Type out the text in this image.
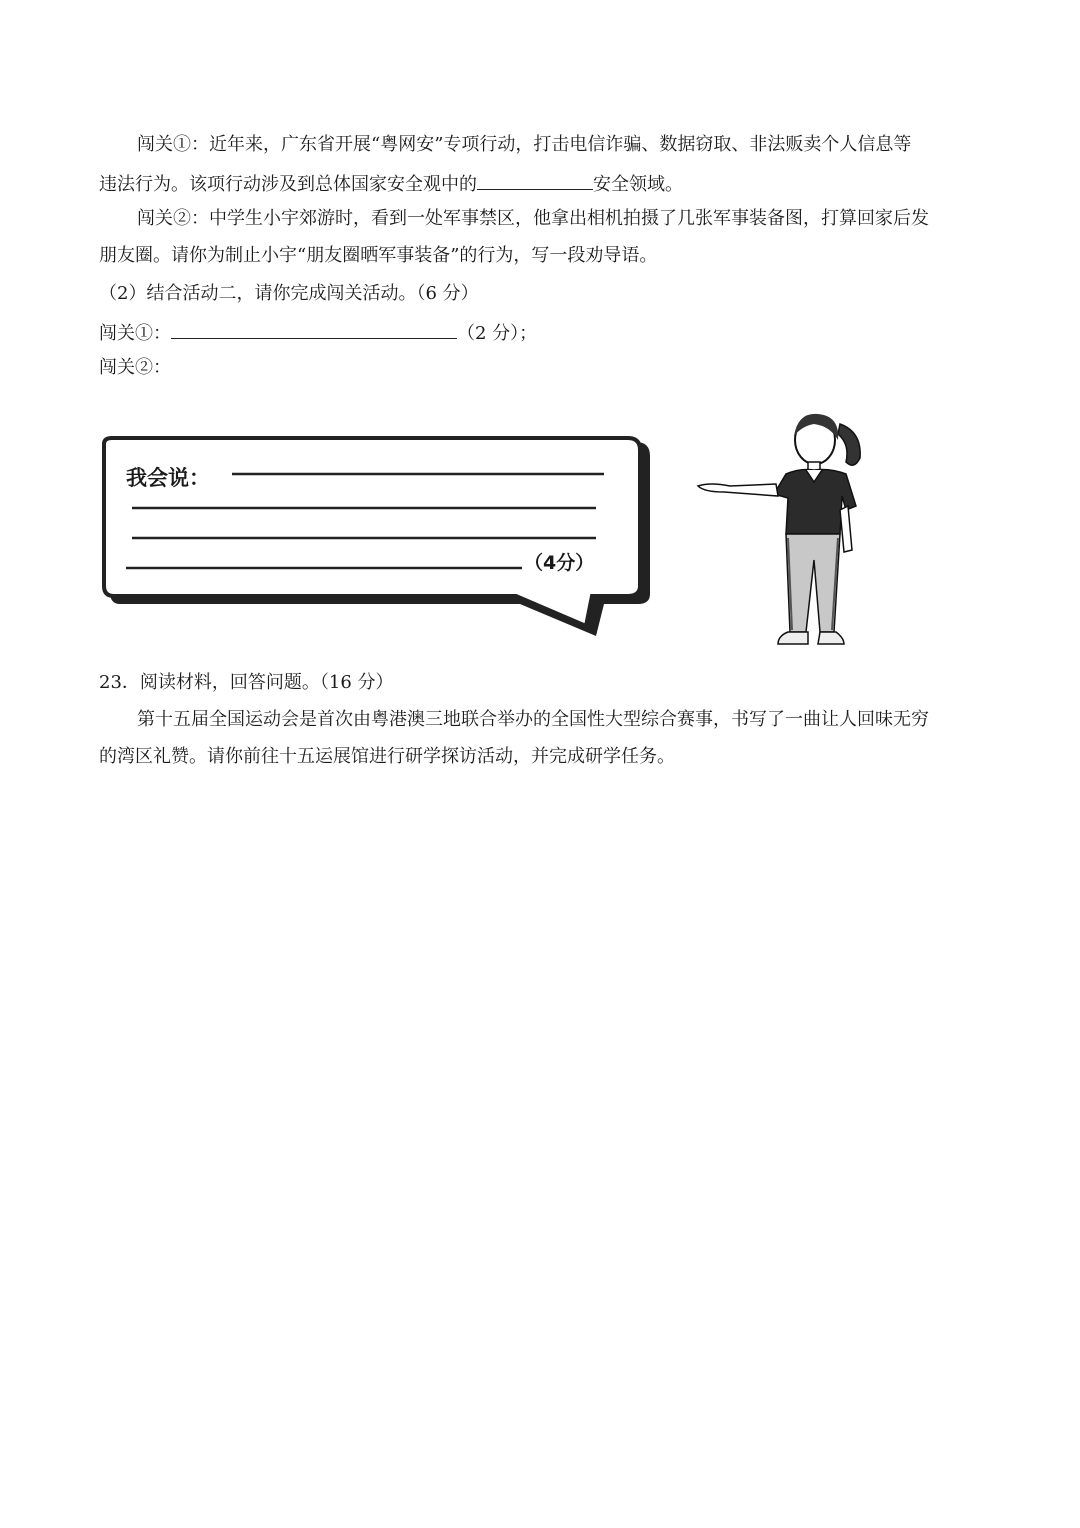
闯关①：近年来，广东省开展“粤网安”专项行动，打击电信诈骗、数据窃取、非法贩卖个人信息等
违法行为。该项行动涉及到总体国家安全观中的	安全领域。
闯关②：中学生小宇郊游时，看到一处军事禁区，他拿出相机拍摄了几张军事装备图，打算回家后发
朋友圈。请你为制止小宇“朋友圈晒军事装备”的行为，写一段劝导语。
（2）结合活动二，请你完成闯关活动。（6 分）
闯关①：	（2 分）；
闯关②：
我会说：
（4分）
23．阅读材料，回答问题。（16 分）
第十五届全国运动会是首次由粤港澳三地联合举办的全国性大型综合赛事，书写了一曲让人回味无穷
的湾区礼赞。请你前往十五运展馆进行研学探访活动，并完成研学任务。
